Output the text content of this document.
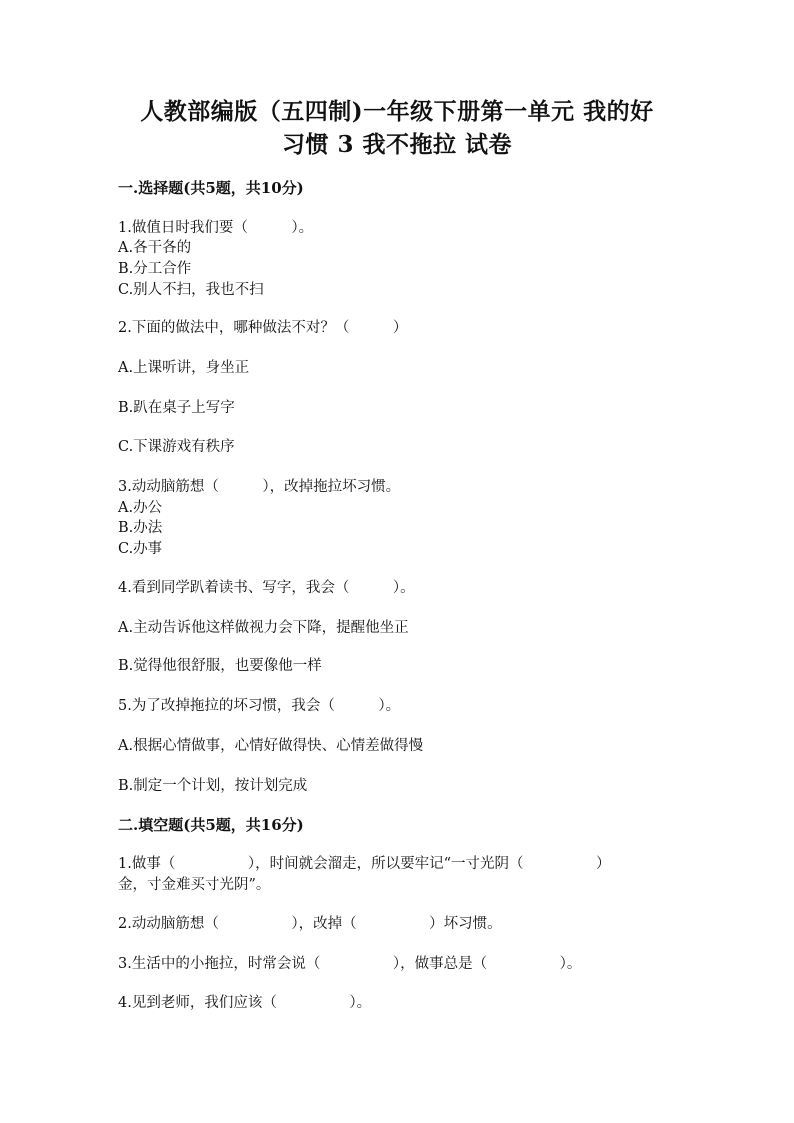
人教部编版（五四制)一年级下册第一单元 我的好
习惯 3 我不拖拉 试卷
一.选择题(共5题，共10分)
1.做值日时我们要（　　　）。
A.各干各的
B.分工合作
C.别人不扫，我也不扫
2.下面的做法中，哪种做法不对？（　　　）
A.上课听讲，身坐正
B.趴在桌子上写字
C.下课游戏有秩序
3.动动脑筋想（　　　），改掉拖拉坏习惯。
A.办公
B.办法
C.办事
4.看到同学趴着读书、写字，我会（　　　）。
A.主动告诉他这样做视力会下降，提醒他坐正
B.觉得他很舒服，也要像他一样
5.为了改掉拖拉的坏习惯，我会（　　　）。
A.根据心情做事，心情好做得快、心情差做得慢
B.制定一个计划，按计划完成
二.填空题(共5题，共16分)
1.做事（　　　　　），时间就会溜走，所以要牢记“一寸光阴（　　　　　）
金，寸金难买寸光阴”。
2.动动脑筋想（　　　　　），改掉（　　　　　）坏习惯。
3.生活中的小拖拉，时常会说（　　　　　），做事总是（　　　　　）。
4.见到老师，我们应该（　　　　　）。
